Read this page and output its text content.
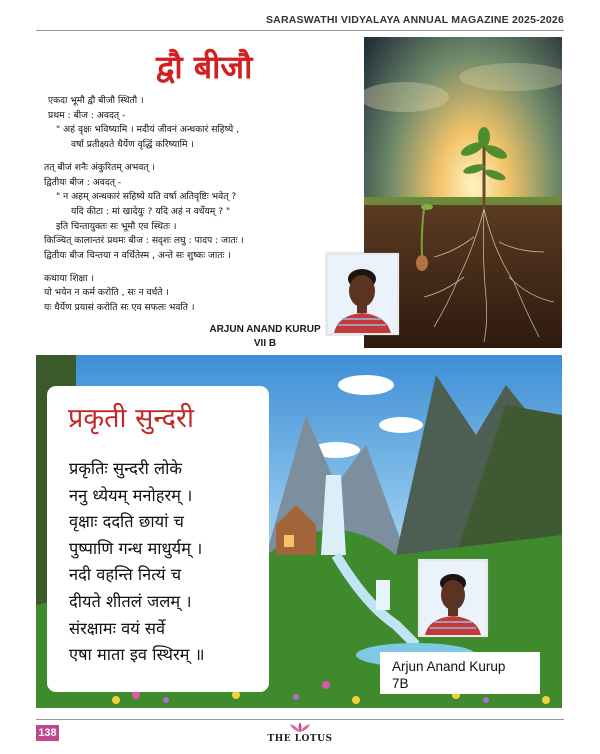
SARASWATHI VIDYALAYA ANNUAL MAGAZINE 2025-2026
द्वौ बीजौ
एकदा भूमौ द्वौ बीजौ स्थितौ ।
प्रथम : बीज : अवदत् -
" अहं वृक्षः भविष्यामि । मदीयं जीवनं अन्धकारं सहिष्ये ,
वर्षा प्रतीक्ष्यते धैर्येण वृद्धिं करिष्यामि ।
तत् बीजं शनैः अंकुरितम् अभवत् ।
द्वितीयः बीज : अवदत् -
" न अहम् अन्धकारं सहिष्ये यति वर्षा अतिवृष्टिः भवेत् ?
यदि कीटा : मां खादेयुः ? यदि अहं न वर्धेयम् ? "
इति चिन्तायुक्तः सः भूमौ एव स्थितः ।
किञ्चित् कालान्तरं प्रथमः बीज : सदृशः लघु : पादप : जातः ।
द्वितीयः बीज चिन्तया न वर्धितेस्म , अन्ते सः शुष्कः जातः ।
कथाया शिक्षा ।
यो भयेन न कर्म करोति , सः न वर्धते ।
यः धैर्येण प्रयासं करोति सः एव सफलः भवति ।
ARJUN ANAND KURUP
VII B
प्रकृती सुन्दरी
प्रकृतिः सुन्दरी लोके
ननु ध्येयम् मनोहरम् ।
वृक्षाः ददति छायां च
पुष्पाणि गन्ध माधुर्यम् ।
नदी वहन्ति नित्यं च
दीयते शीतलं जलम् ।
संरक्षामः वयं सर्वे
एषा माता इव स्थिरम् ॥
Arjun Anand Kurup
7B
138	THE LOTUS
